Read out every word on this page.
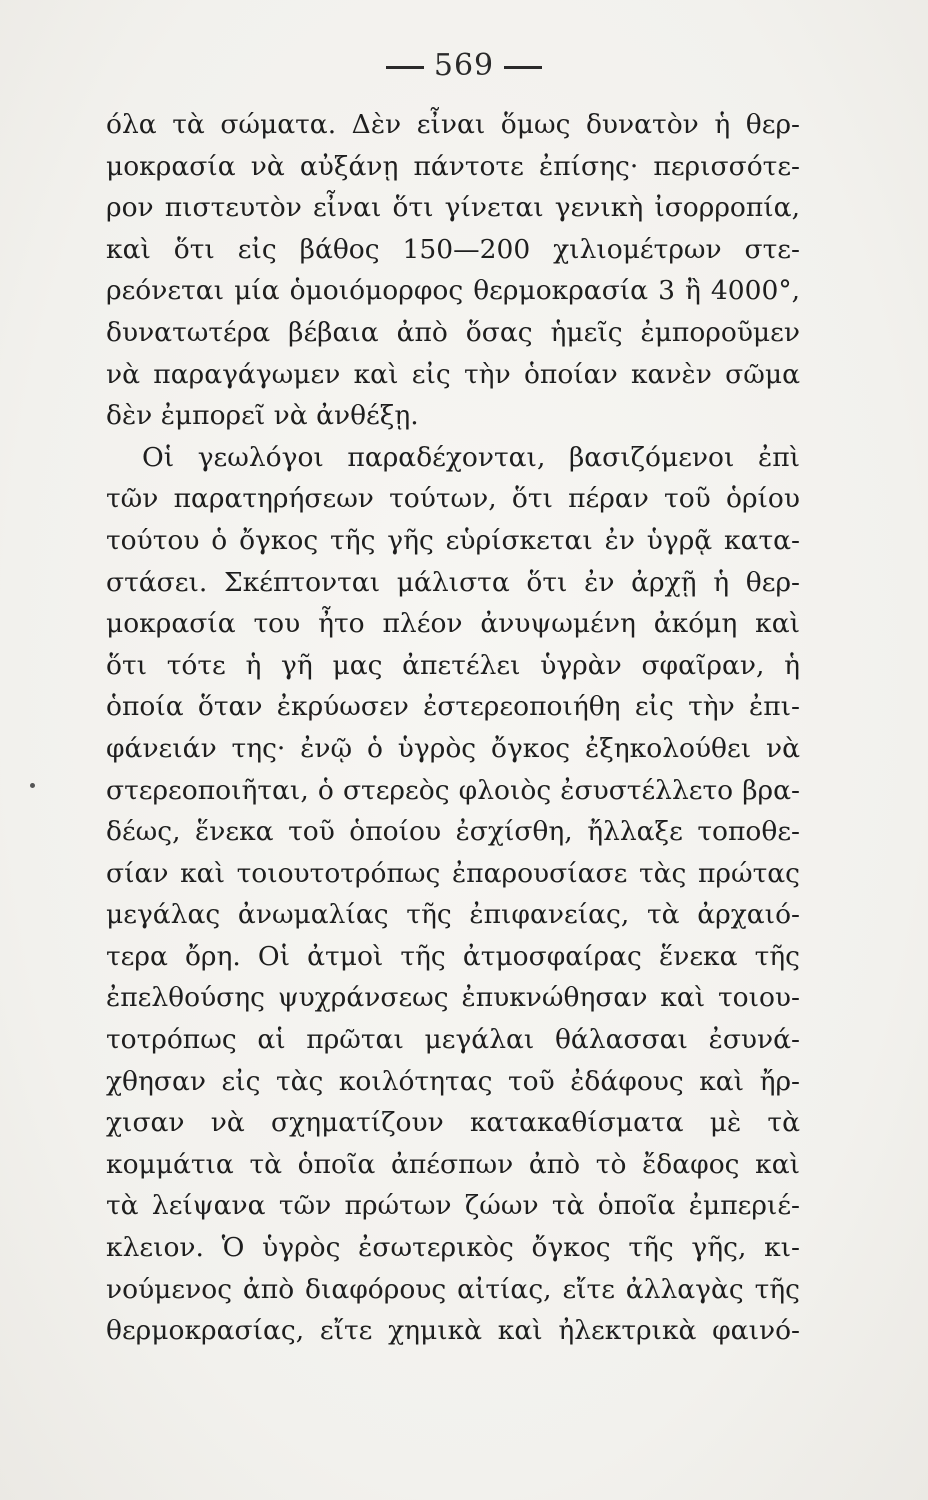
569
όλα τὰ σώματα. Δὲν εἶναι ὅμως δυνατὸν ἡ θερ-
μοκρασία νὰ αὐξάνῃ πάντοτε ἐπίσης· περισσότε-
ρον πιστευτὸν εἶναι ὅτι γίνεται γενικὴ ἰσορροπία,
καὶ ὅτι εἰς βάθος 150—200 χιλιομέτρων στε-
ρεόνεται μία ὁμοιόμορφος θερμοκρασία 3 ἢ 4000°,
δυνατωτέρα βέβαια ἀπὸ ὅσας ἡμεῖς ἐμποροῦμεν
νὰ παραγάγωμεν καὶ εἰς τὴν ὁποίαν κανὲν σῶμα
δὲν ἐμπορεῖ νὰ ἀνθέξῃ.
Οἱ γεωλόγοι παραδέχονται, βασιζόμενοι ἐπὶ
τῶν παρατηρήσεων τούτων, ὅτι πέραν τοῦ ὁρίου
τούτου ὁ ὄγκος τῆς γῆς εὑρίσκεται ἐν ὑγρᾷ κατα-
στάσει. Σκέπτονται μάλιστα ὅτι ἐν ἀρχῇ ἡ θερ-
μοκρασία του ἦτο πλέον ἀνυψωμένη ἀκόμη καὶ
ὅτι τότε ἡ γῆ μας ἀπετέλει ὑγρὰν σφαῖραν, ἡ
ὁποία ὅταν ἐκρύωσεν ἐστερεοποιήθη εἰς τὴν ἐπι-
φάνειάν της· ἐνῷ ὁ ὑγρὸς ὄγκος ἐξηκολούθει νὰ
στερεοποιῆται, ὁ στερεὸς φλοιὸς ἐσυστέλλετο βρα-
δέως, ἕνεκα τοῦ ὁποίου ἐσχίσθη, ἤλλαξε τοποθε-
σίαν καὶ τοιουτοτρόπως ἐπαρουσίασε τὰς πρώτας
μεγάλας ἀνωμαλίας τῆς ἐπιφανείας, τὰ ἀρχαιό-
τερα ὄρη. Οἱ ἀτμοὶ τῆς ἀτμοσφαίρας ἕνεκα τῆς
ἐπελθούσης ψυχράνσεως ἐπυκνώθησαν καὶ τοιου-
τοτρόπως αἱ πρῶται μεγάλαι θάλασσαι ἐσυνά-
χθησαν εἰς τὰς κοιλότητας τοῦ ἐδάφους καὶ ἤρ-
χισαν νὰ σχηματίζουν κατακαθίσματα μὲ τὰ
κομμάτια τὰ ὁποῖα ἀπέσπων ἀπὸ τὸ ἔδαφος καὶ
τὰ λείψανα τῶν πρώτων ζώων τὰ ὁποῖα ἐμπεριέ-
κλειον. Ὁ ὑγρὸς ἐσωτερικὸς ὄγκος τῆς γῆς, κι-
νούμενος ἀπὸ διαφόρους αἰτίας, εἴτε ἀλλαγὰς τῆς
θερμοκρασίας, εἴτε χημικὰ καὶ ἠλεκτρικὰ φαινό-
